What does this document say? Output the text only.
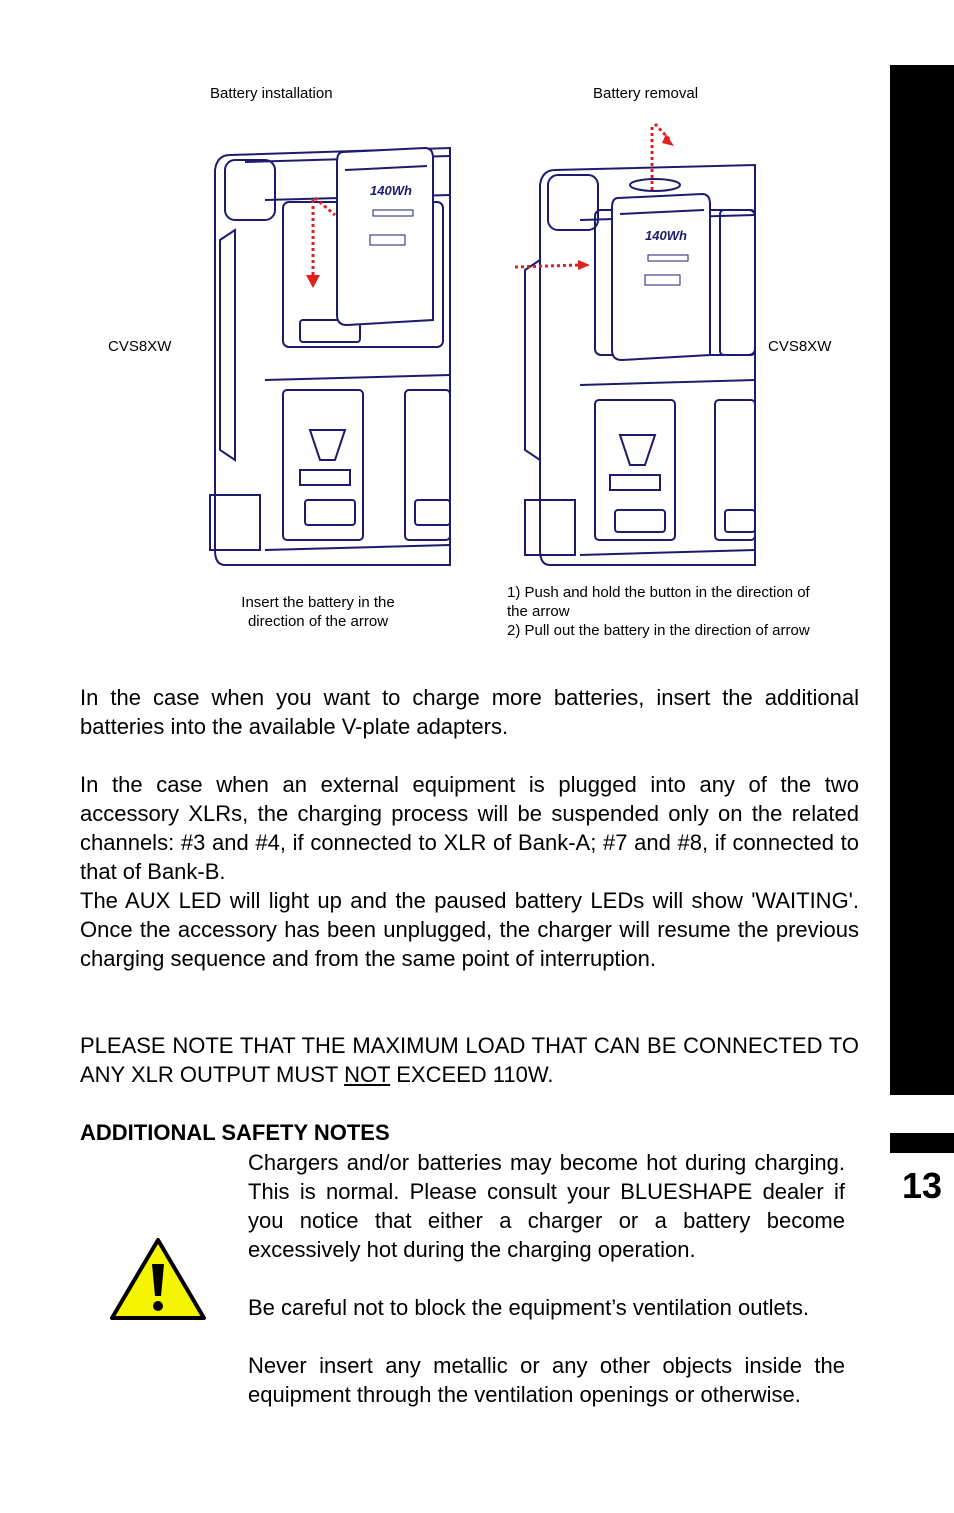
13
Battery installation	Battery removal
CVS8XW	CVS8XW
140Wh
140Wh
Insert the battery in the
direction of the arrow
1) Push and hold the button in the direction of
the arrow
2) Pull out the battery in the direction of arrow
In the case when you want to charge more batteries, insert the additional batteries into the available V-plate adapters.
In the case when an external equipment is plugged into any of the two accessory XLRs, the charging process will be suspended only on the related channels: #3 and #4, if connected to XLR of Bank-A; #7 and #8, if connected to that of Bank-B.
The AUX LED will light up and the paused battery LEDs will show 'WAITING'. Once the accessory has been unplugged, the charger will resume the previous charging sequence and from the same point of interruption.
PLEASE NOTE THAT THE MAXIMUM LOAD THAT CAN BE CONNECTED TO ANY XLR OUTPUT MUST NOT EXCEED 110W.
ADDITIONAL SAFETY NOTES
Chargers and/or batteries may become hot during charging. This is normal. Please consult your BLUESHAPE dealer if you notice that either a charger or a battery become excessively hot during the charging operation.
Be careful not to block the equipment’s ventilation outlets.
Never insert any metallic or any other objects inside the equipment through the ventilation openings or otherwise.
